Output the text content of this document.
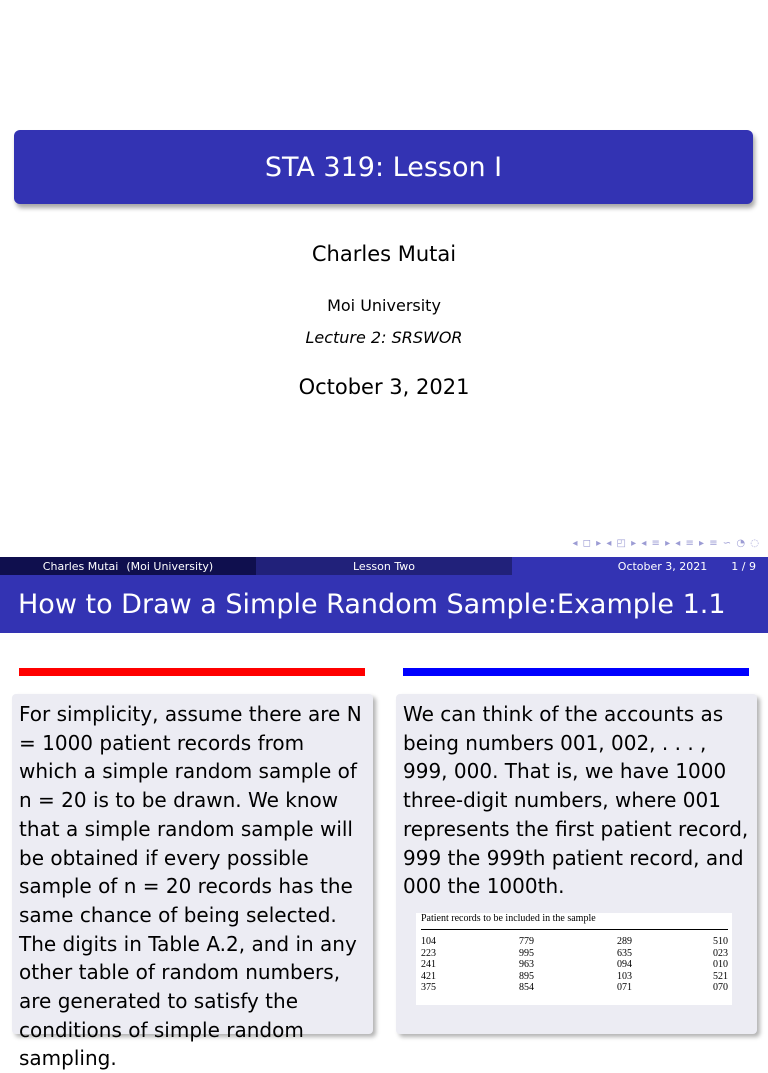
STA 319: Lesson I
Charles Mutai
Moi University
Lecture 2: SRSWOR
October 3, 2021
◂ ◻ ▸ ◂ ◰ ▸ ◂ ≡ ▸ ◂ ≡ ▸ ≡ ∽ ◔ ◌
Charles Mutai (Moi University)	Lesson Two	October 3, 2021 1 / 9
How to Draw a Simple Random Sample:Example 1.1

For simplicity, assume there are N = 1000 patient records from which a simple random sample of n = 20 is to be drawn. We know that a simple random sample will be obtained if every possible sample of n = 20 records has the same chance of being selected. The digits in Table A.2, and in any other table of random numbers, are generated to satisfy the conditions of simple random sampling.

We can think of the accounts as being numbers 001, 002, . . . , 999, 000. That is, we have 1000 three-digit numbers, where 001 represents the first patient record, 999 the 999th patient record, and 000 the 1000th.

Patient records to be included in the sample
104	779	289	510
223	995	635	023
241	963	094	010
421	895	103	521
375	854	071	070
